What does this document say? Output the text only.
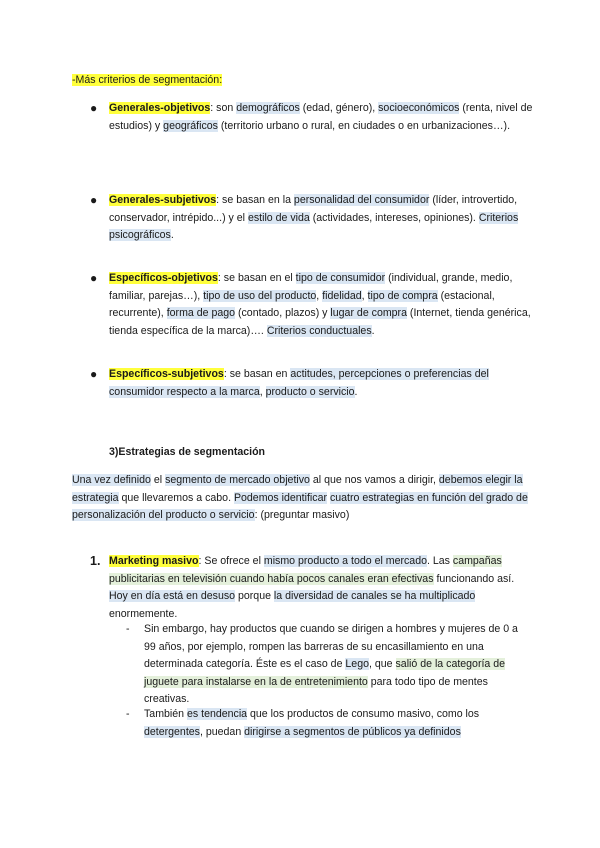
-Más criterios de segmentación:
● Generales-objetivos: son demográficos (edad, género), socioeconómicos (renta, nivel de estudios) y geográficos (territorio urbano o rural, en ciudades o en urbanizaciones…).
● Generales-subjetivos: se basan en la personalidad del consumidor (líder, introvertido, conservador, intrépido...) y el estilo de vida (actividades, intereses, opiniones). Criterios psicográficos.
● Específicos-objetivos: se basan en el tipo de consumidor (individual, grande, medio, familiar, parejas…), tipo de uso del producto, fidelidad, tipo de compra (estacional, recurrente), forma de pago (contado, plazos) y lugar de compra (Internet, tienda genérica, tienda específica de la marca)…. Criterios conductuales.
● Específicos-subjetivos: se basan en actitudes, percepciones o preferencias del consumidor respecto a la marca, producto o servicio.
3)Estrategias de segmentación
Una vez definido el segmento de mercado objetivo al que nos vamos a dirigir, debemos elegir la estrategia que llevaremos a cabo. Podemos identificar cuatro estrategias en función del grado de personalización del producto o servicio: (preguntar masivo)
1. Marketing masivo: Se ofrece el mismo producto a todo el mercado. Las campañas publicitarias en televisión cuando había pocos canales eran efectivas funcionando así. Hoy en día está en desuso porque la diversidad de canales se ha multiplicado enormemente.
- Sin embargo, hay productos que cuando se dirigen a hombres y mujeres de 0 a 99 años, por ejemplo, rompen las barreras de su encasillamiento en una determinada categoría. Éste es el caso de Lego, que salió de la categoría de juguete para instalarse en la de entretenimiento para todo tipo de mentes creativas.
- También es tendencia que los productos de consumo masivo, como los detergentes, puedan dirigirse a segmentos de públicos ya definidos
